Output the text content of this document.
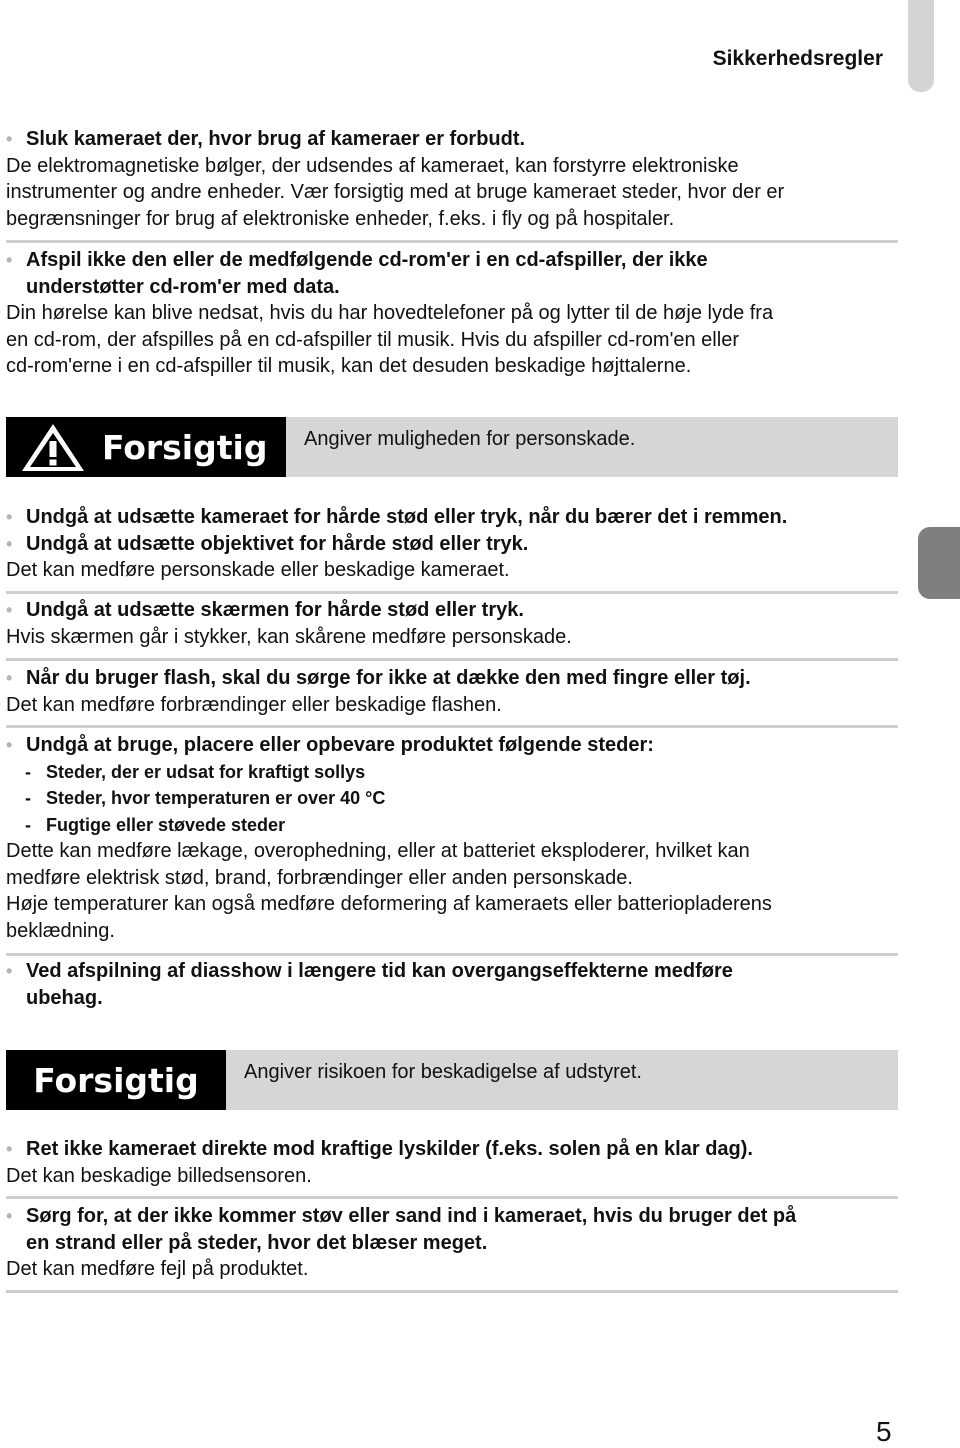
Sikkerhedsregler
• Sluk kameraet der, hvor brug af kameraer er forbudt.
De elektromagnetiske bølger, der udsendes af kameraet, kan forstyrre elektroniske
instrumenter og andre enheder. Vær forsigtig med at bruge kameraet steder, hvor der er
begrænsninger for brug af elektroniske enheder, f.eks. i fly og på hospitaler.
• Afspil ikke den eller de medfølgende cd-rom'er i en cd-afspiller, der ikke
understøtter cd-rom'er med data.
Din hørelse kan blive nedsat, hvis du har hovedtelefoner på og lytter til de høje lyde fra
en cd-rom, der afspilles på en cd-afspiller til musik. Hvis du afspiller cd-rom'en eller
cd-rom'erne i en cd-afspiller til musik, kan det desuden beskadige højttalerne.
Forsigtig Angiver muligheden for personskade.
• Undgå at udsætte kameraet for hårde stød eller tryk, når du bærer det i remmen.
• Undgå at udsætte objektivet for hårde stød eller tryk.
Det kan medføre personskade eller beskadige kameraet.
• Undgå at udsætte skærmen for hårde stød eller tryk.
Hvis skærmen går i stykker, kan skårene medføre personskade.
• Når du bruger flash, skal du sørge for ikke at dække den med fingre eller tøj.
Det kan medføre forbrændinger eller beskadige flashen.
• Undgå at bruge, placere eller opbevare produktet følgende steder:
- Steder, der er udsat for kraftigt sollys
- Steder, hvor temperaturen er over 40 °C
- Fugtige eller støvede steder
Dette kan medføre lækage, overophedning, eller at batteriet eksploderer, hvilket kan
medføre elektrisk stød, brand, forbrændinger eller anden personskade.
Høje temperaturer kan også medføre deformering af kameraets eller batteriopladerens
beklædning.
• Ved afspilning af diasshow i længere tid kan overgangseffekterne medføre
ubehag.
Forsigtig Angiver risikoen for beskadigelse af udstyret.
• Ret ikke kameraet direkte mod kraftige lyskilder (f.eks. solen på en klar dag).
Det kan beskadige billedsensoren.
• Sørg for, at der ikke kommer støv eller sand ind i kameraet, hvis du bruger det på
en strand eller på steder, hvor det blæser meget.
Det kan medføre fejl på produktet.
5
